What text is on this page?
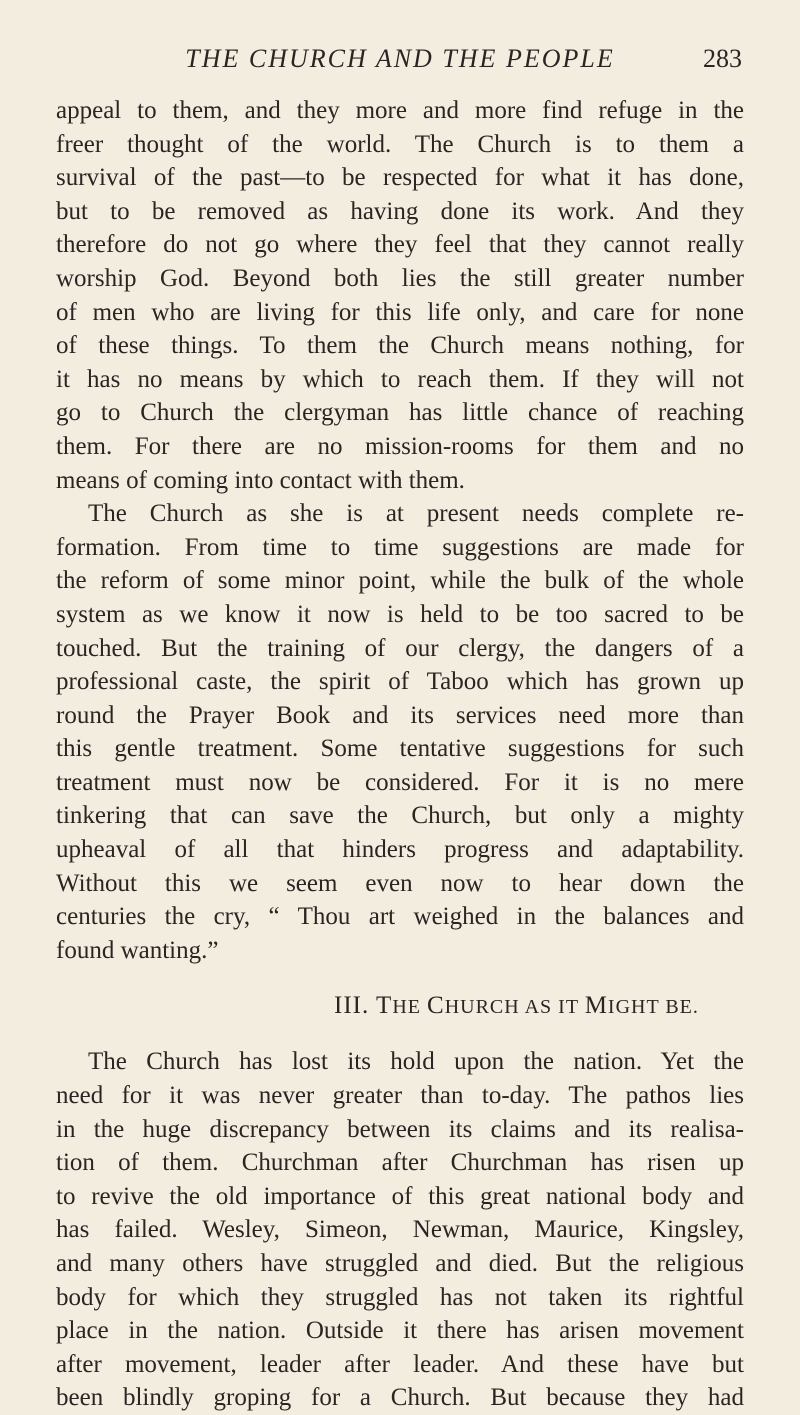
THE CHURCH AND THE PEOPLE	283
appeal to them, and they more and more find refuge in the
freer thought of the world. The Church is to them a
survival of the past—to be respected for what it has done,
but to be removed as having done its work. And they
therefore do not go where they feel that they cannot really
worship God. Beyond both lies the still greater number
of men who are living for this life only, and care for none
of these things. To them the Church means nothing, for
it has no means by which to reach them. If they will not
go to Church the clergyman has little chance of reaching
them. For there are no mission-rooms for them and no
means of coming into contact with them.
The Church as she is at present needs complete re-
formation. From time to time suggestions are made for
the reform of some minor point, while the bulk of the whole
system as we know it now is held to be too sacred to be
touched. But the training of our clergy, the dangers of a
professional caste, the spirit of Taboo which has grown up
round the Prayer Book and its services need more than
this gentle treatment. Some tentative suggestions for such
treatment must now be considered. For it is no mere
tinkering that can save the Church, but only a mighty
upheaval of all that hinders progress and adaptability.
Without this we seem even now to hear down the
centuries the cry, “ Thou art weighed in the balances and
found wanting.”
III. THE CHURCH AS IT MIGHT BE.
The Church has lost its hold upon the nation. Yet the
need for it was never greater than to-day. The pathos lies
in the huge discrepancy between its claims and its realisa-
tion of them. Churchman after Churchman has risen up
to revive the old importance of this great national body and
has failed. Wesley, Simeon, Newman, Maurice, Kingsley,
and many others have struggled and died. But the religious
body for which they struggled has not taken its rightful
place in the nation. Outside it there has arisen movement
after movement, leader after leader. And these have but
been blindly groping for a Church. But because they had
